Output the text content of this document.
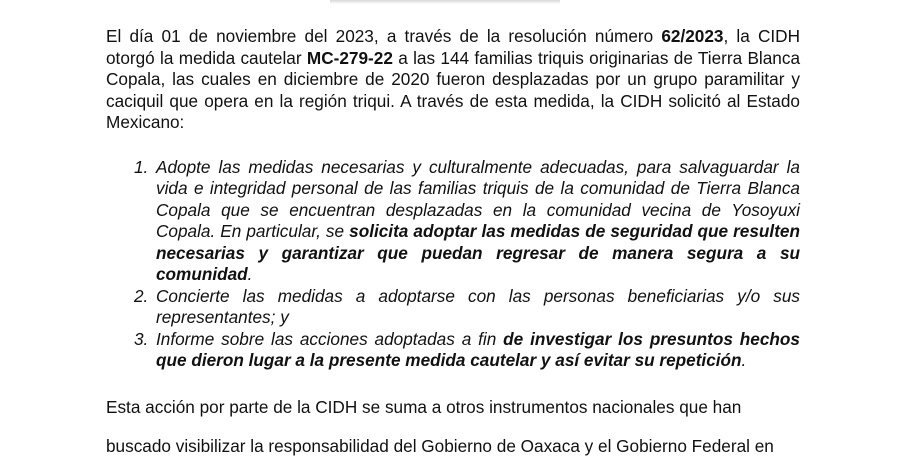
El día 01 de noviembre del 2023, a través de la resolución número 62/2023, la CIDH otorgó la medida cautelar MC-279-22 a las 144 familias triquis originarias de Tierra Blanca Copala, las cuales en diciembre de 2020 fueron desplazadas por un grupo paramilitar y caciquil que opera en la región triqui. A través de esta medida, la CIDH solicitó al Estado Mexicano:

1. Adopte las medidas necesarias y culturalmente adecuadas, para salvaguardar la vida e integridad personal de las familias triquis de la comunidad de Tierra Blanca Copala que se encuentran desplazadas en la comunidad vecina de Yosoyuxi Copala. En particular, se solicita adoptar las medidas de seguridad que resulten necesarias y garantizar que puedan regresar de manera segura a su comunidad.
2. Concierte las medidas a adoptarse con las personas beneficiarias y/o sus representantes; y
3. Informe sobre las acciones adoptadas a fin de investigar los presuntos hechos que dieron lugar a la presente medida cautelar y así evitar su repetición.

Esta acción por parte de la CIDH se suma a otros instrumentos nacionales que han

buscado visibilizar la responsabilidad del Gobierno de Oaxaca y el Gobierno Federal en
